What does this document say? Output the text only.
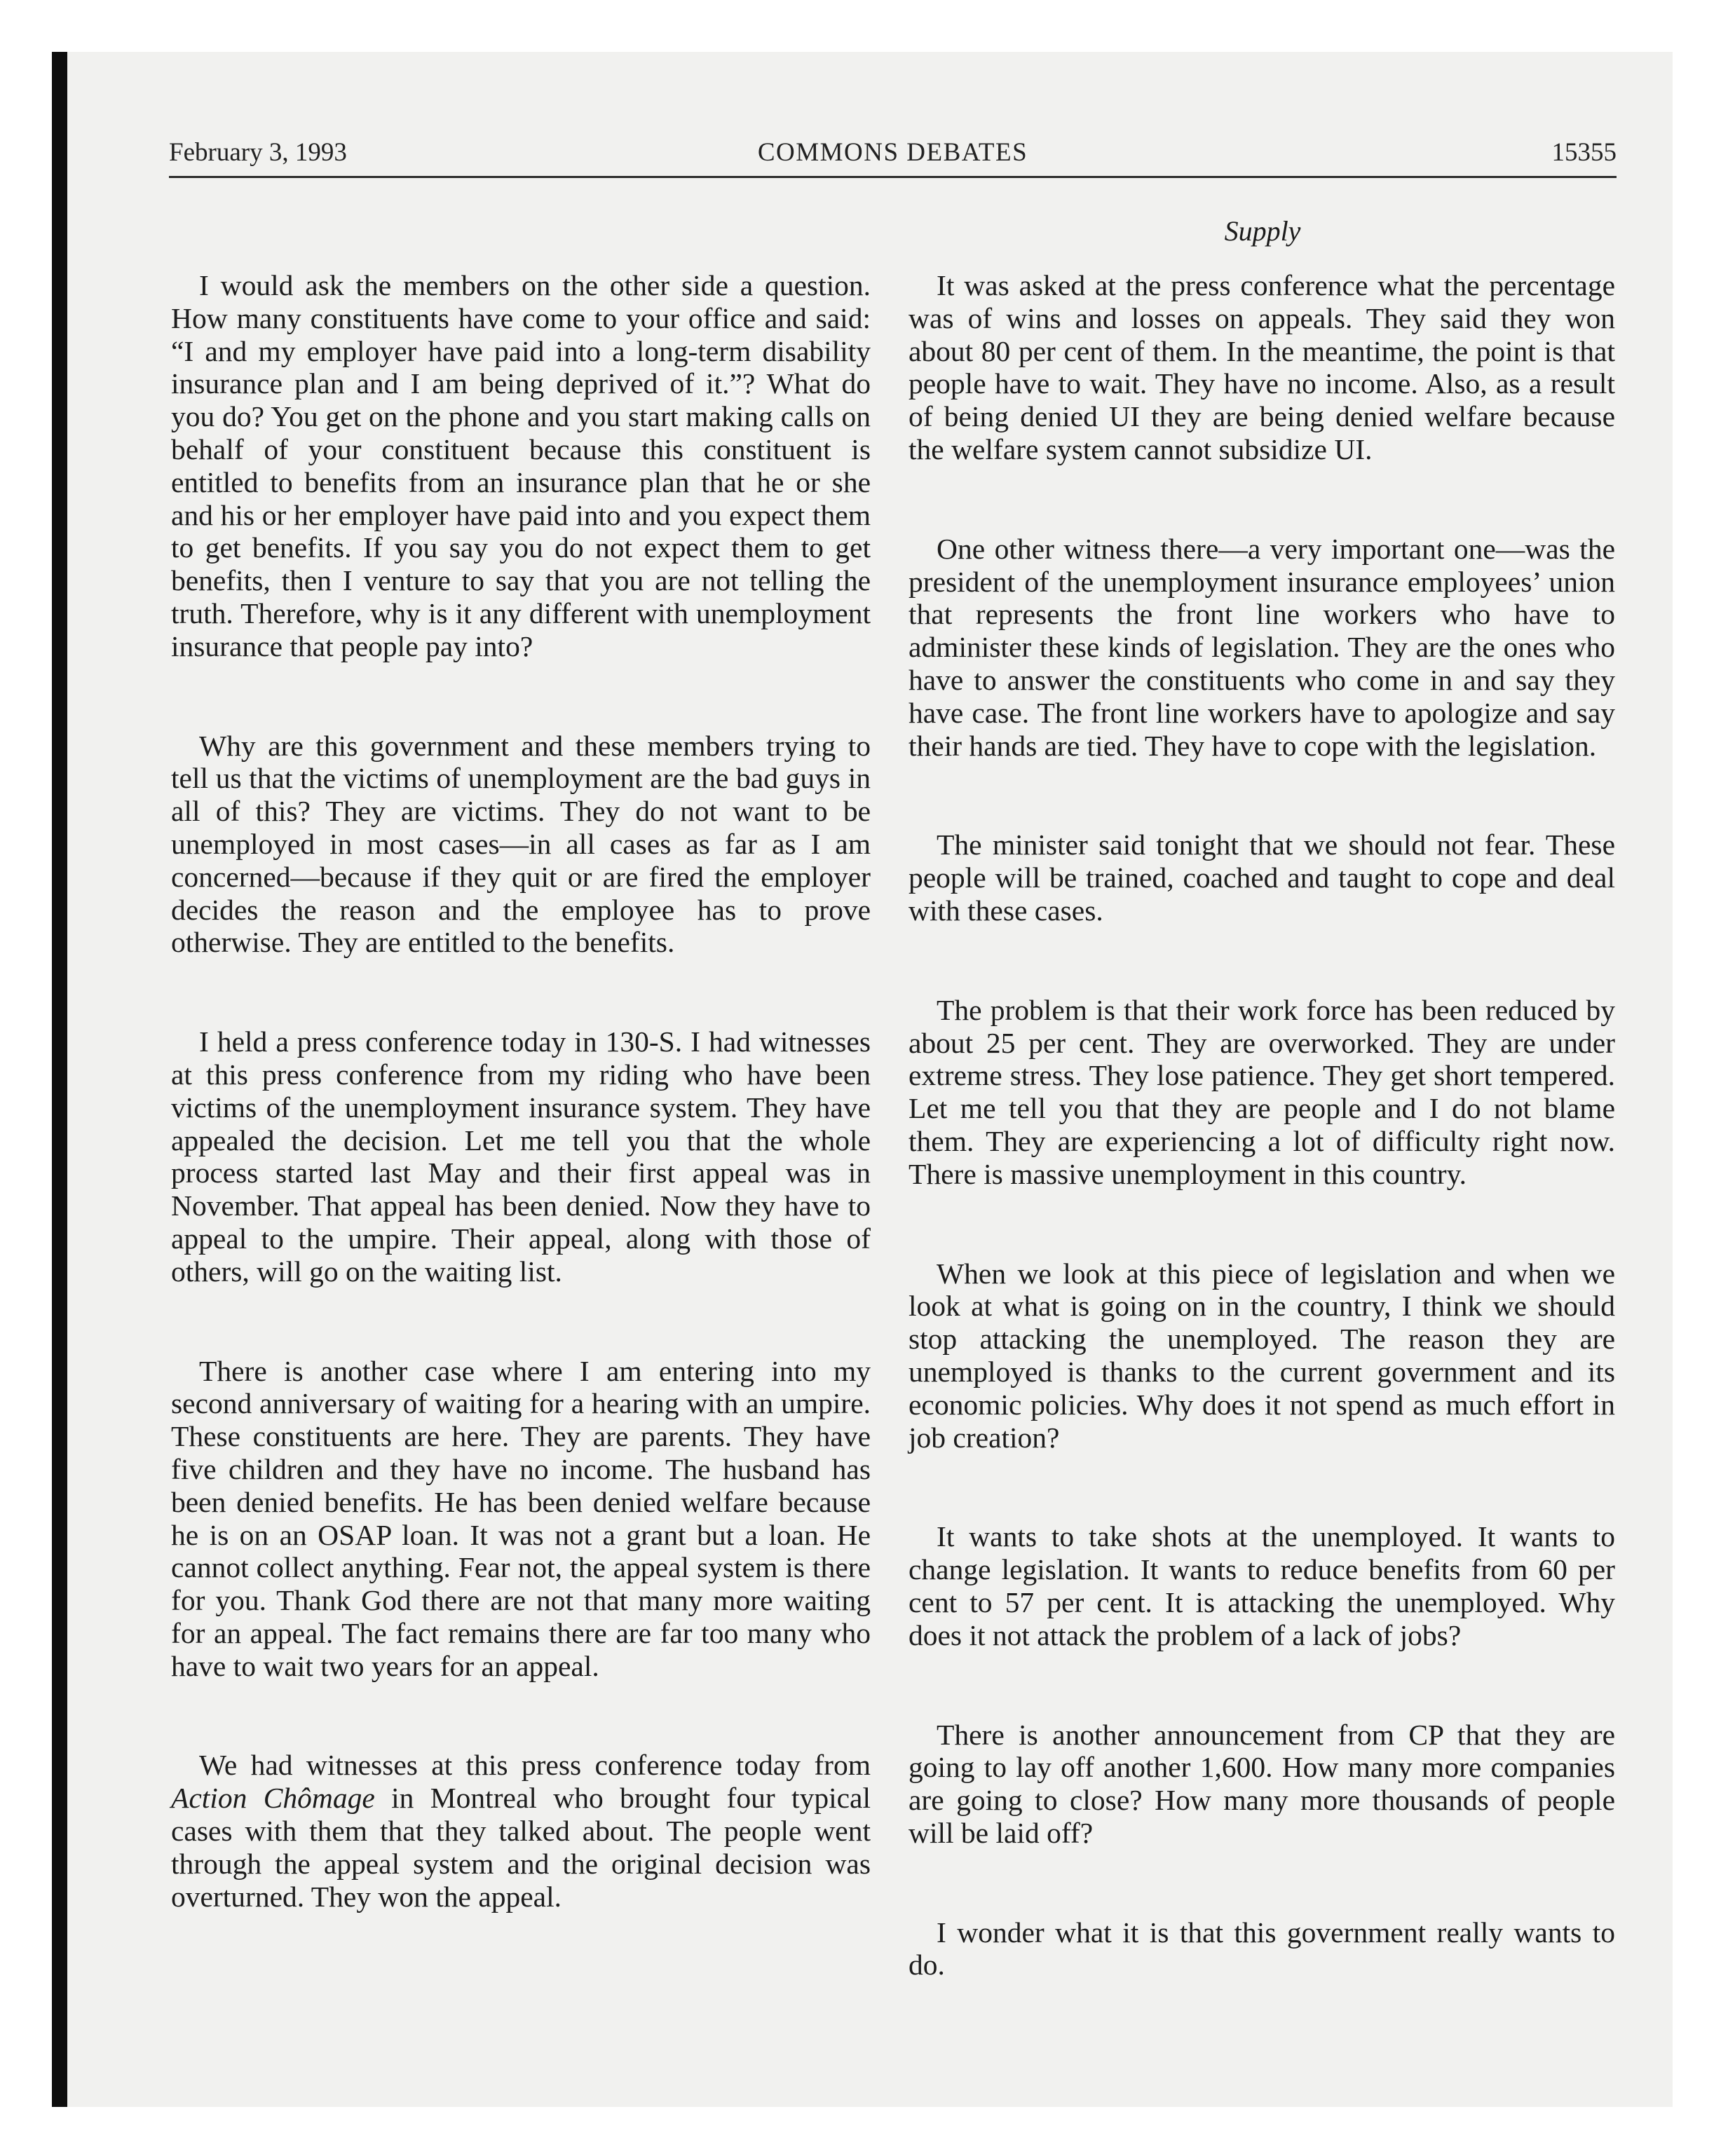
February 3, 1993	COMMONS DEBATES	15355
Supply

I would ask the members on the other side a question. How many constituents have come to your office and said: “I and my employer have paid into a long-term disability insurance plan and I am being deprived of it.”? What do you do? You get on the phone and you start making calls on behalf of your constituent because this constituent is entitled to benefits from an insurance plan that he or she and his or her employer have paid into and you expect them to get benefits. If you say you do not expect them to get benefits, then I venture to say that you are not telling the truth. Therefore, why is it any different with unemployment insurance that people pay into?

Why are this government and these members trying to tell us that the victims of unemployment are the bad guys in all of this? They are victims. They do not want to be unemployed in most cases—in all cases as far as I am concerned—because if they quit or are fired the employer decides the reason and the employee has to prove otherwise. They are entitled to the benefits.

I held a press conference today in 130-S. I had witnesses at this press conference from my riding who have been victims of the unemployment insurance system. They have appealed the decision. Let me tell you that the whole process started last May and their first appeal was in November. That appeal has been denied. Now they have to appeal to the umpire. Their appeal, along with those of others, will go on the waiting list.

There is another case where I am entering into my second anniversary of waiting for a hearing with an umpire. These constituents are here. They are parents. They have five children and they have no income. The husband has been denied benefits. He has been denied welfare because he is on an OSAP loan. It was not a grant but a loan. He cannot collect anything. Fear not, the appeal system is there for you. Thank God there are not that many more waiting for an appeal. The fact remains there are far too many who have to wait two years for an appeal.

We had witnesses at this press conference today from Action Chômage in Montreal who brought four typical cases with them that they talked about. The people went through the appeal system and the original decision was overturned. They won the appeal.

It was asked at the press conference what the percentage was of wins and losses on appeals. They said they won about 80 per cent of them. In the meantime, the point is that people have to wait. They have no income. Also, as a result of being denied UI they are being denied welfare because the welfare system cannot subsidize UI.

One other witness there—a very important one—was the president of the unemployment insurance employees’ union that represents the front line workers who have to administer these kinds of legislation. They are the ones who have to answer the constituents who come in and say they have case. The front line workers have to apologize and say their hands are tied. They have to cope with the legislation.

The minister said tonight that we should not fear. These people will be trained, coached and taught to cope and deal with these cases.

The problem is that their work force has been reduced by about 25 per cent. They are overworked. They are under extreme stress. They lose patience. They get short tempered. Let me tell you that they are people and I do not blame them. They are experiencing a lot of difficulty right now. There is massive unemployment in this country.

When we look at this piece of legislation and when we look at what is going on in the country, I think we should stop attacking the unemployed. The reason they are unemployed is thanks to the current government and its economic policies. Why does it not spend as much effort in job creation?

It wants to take shots at the unemployed. It wants to change legislation. It wants to reduce benefits from 60 per cent to 57 per cent. It is attacking the unemployed. Why does it not attack the problem of a lack of jobs?

There is another announcement from CP that they are going to lay off another 1,600. How many more companies are going to close? How many more thousands of people will be laid off?

I wonder what it is that this government really wants to do.
